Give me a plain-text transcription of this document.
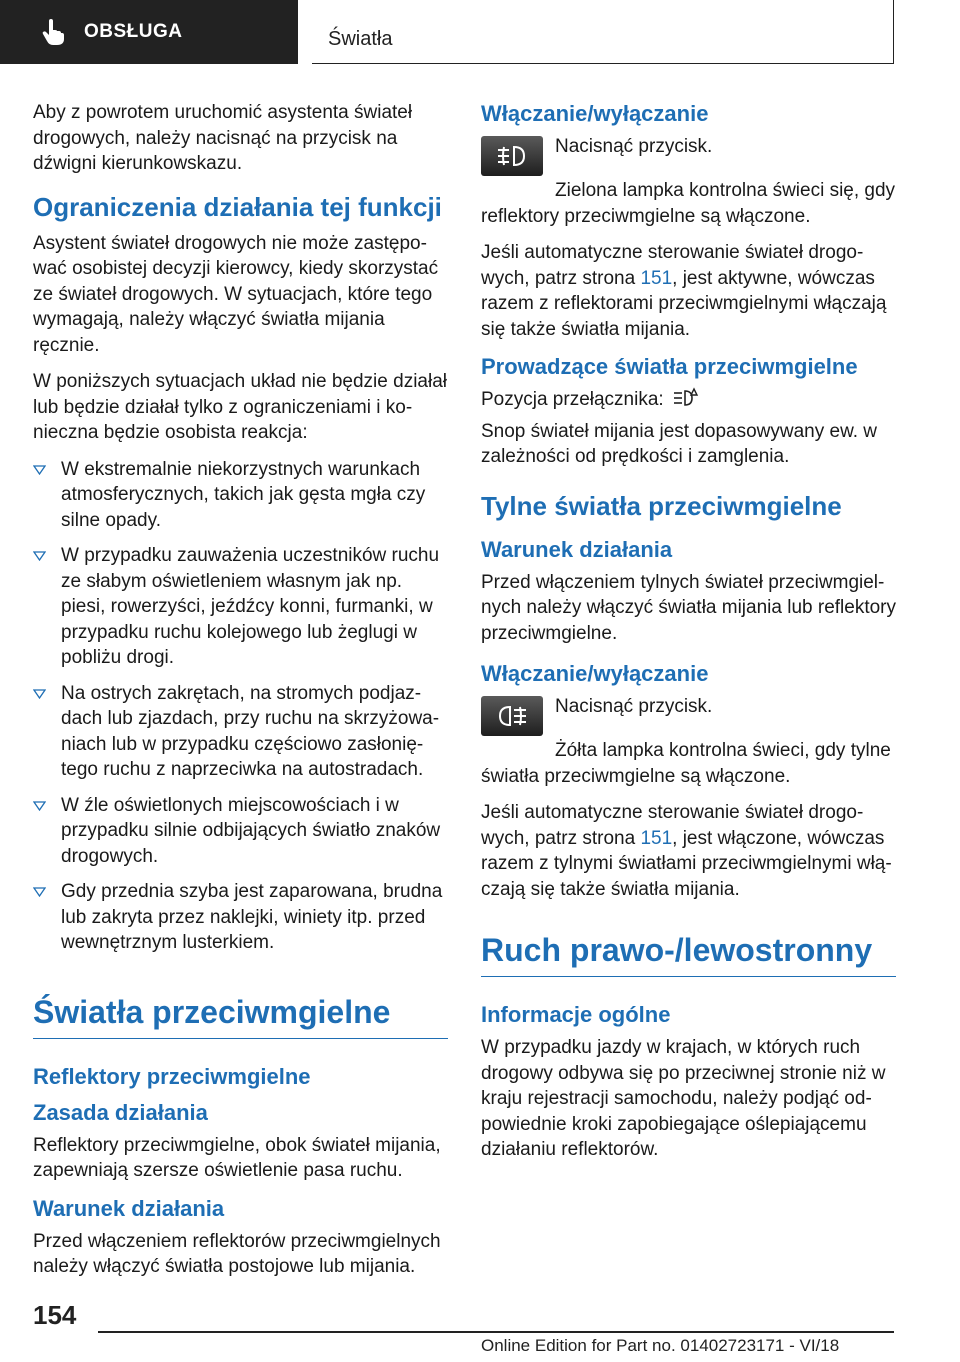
OBSŁUGA	Światła

Aby z powrotem uruchomić asystenta świateł drogowych, należy nacisnąć na przycisk na dźwigni kierunkowskazu.

Ograniczenia działania tej funkcji

Asystent świateł drogowych nie może zastępować osobistej decyzji kierowcy, kiedy skorzystać ze świateł drogowych. W sytuacjach, które tego wymagają, należy włączyć światła mijania ręcznie.

W poniższych sytuacjach układ nie będzie działał lub będzie działał tylko z ograniczeniami i konieczna będzie osobista reakcja:

W ekstremalnie niekorzystnych warunkach atmosferycznych, takich jak gęsta mgła czy silne opady.
W przypadku zauważenia uczestników ruchu ze słabym oświetleniem własnym jak np. piesi, rowerzyści, jeźdźcy konni, furmanki, w przypadku ruchu kolejowego lub żeglugi w pobliżu drogi.
Na ostrych zakrętach, na stromych podjazdach lub zjazdach, przy ruchu na skrzyżowaniach lub w przypadku częściowo zasłoniętego ruchu z naprzeciwka na autostradach.
W źle oświetlonych miejscowościach i w przypadku silnie odbijających światło znaków drogowych.
Gdy przednia szyba jest zaparowana, brudna lub zakryta przez naklejki, winiety itp. przed wewnętrznym lusterkiem.
Światła przeciwmgielne
Reflektory przeciwmgielne
Zasada działania

Reflektory przeciwmgielne, obok świateł mijania, zapewniają szersze oświetlenie pasa ruchu.

Warunek działania

Przed włączeniem reflektorów przeciwmgielnych należy włączyć światła postojowe lub mijania.

Włączanie/wyłączanie

Nacisnąć przycisk.

Zielona lampka kontrolna świeci się, gdy reflektory przeciwmgielne są włączone.

Jeśli automatyczne sterowanie świateł drogowych, patrz strona 151, jest aktywne, wówczas razem z reflektorami przeciwmgielnymi włączają się także światła mijania.

Prowadzące światła przeciwmgielne

Pozycja przełącznika:

Snop świateł mijania jest dopasowywany ew. w zależności od prędkości i zamglenia.

Tylne światła przeciwmgielne
Warunek działania

Przed włączeniem tylnych świateł przeciwmgielnych należy włączyć światła mijania lub reflektory przeciwmgielne.

Włączanie/wyłączanie

Nacisnąć przycisk.

Żółta lampka kontrolna świeci, gdy tylne światła przeciwmgielne są włączone.

Jeśli automatyczne sterowanie świateł drogowych, patrz strona 151, jest włączone, wówczas razem z tylnymi światłami przeciwmgielnymi włączają się także światła mijania.

Ruch prawo-/lewostronny
Informacje ogólne

W przypadku jazdy w krajach, w których ruch drogowy odbywa się po przeciwnej stronie niż w kraju rejestracji samochodu, należy podjąć odpowiednie kroki zapobiegające oślepiającemu działaniu reflektorów.

154
Online Edition for Part no. 01402723171 - VI/18
